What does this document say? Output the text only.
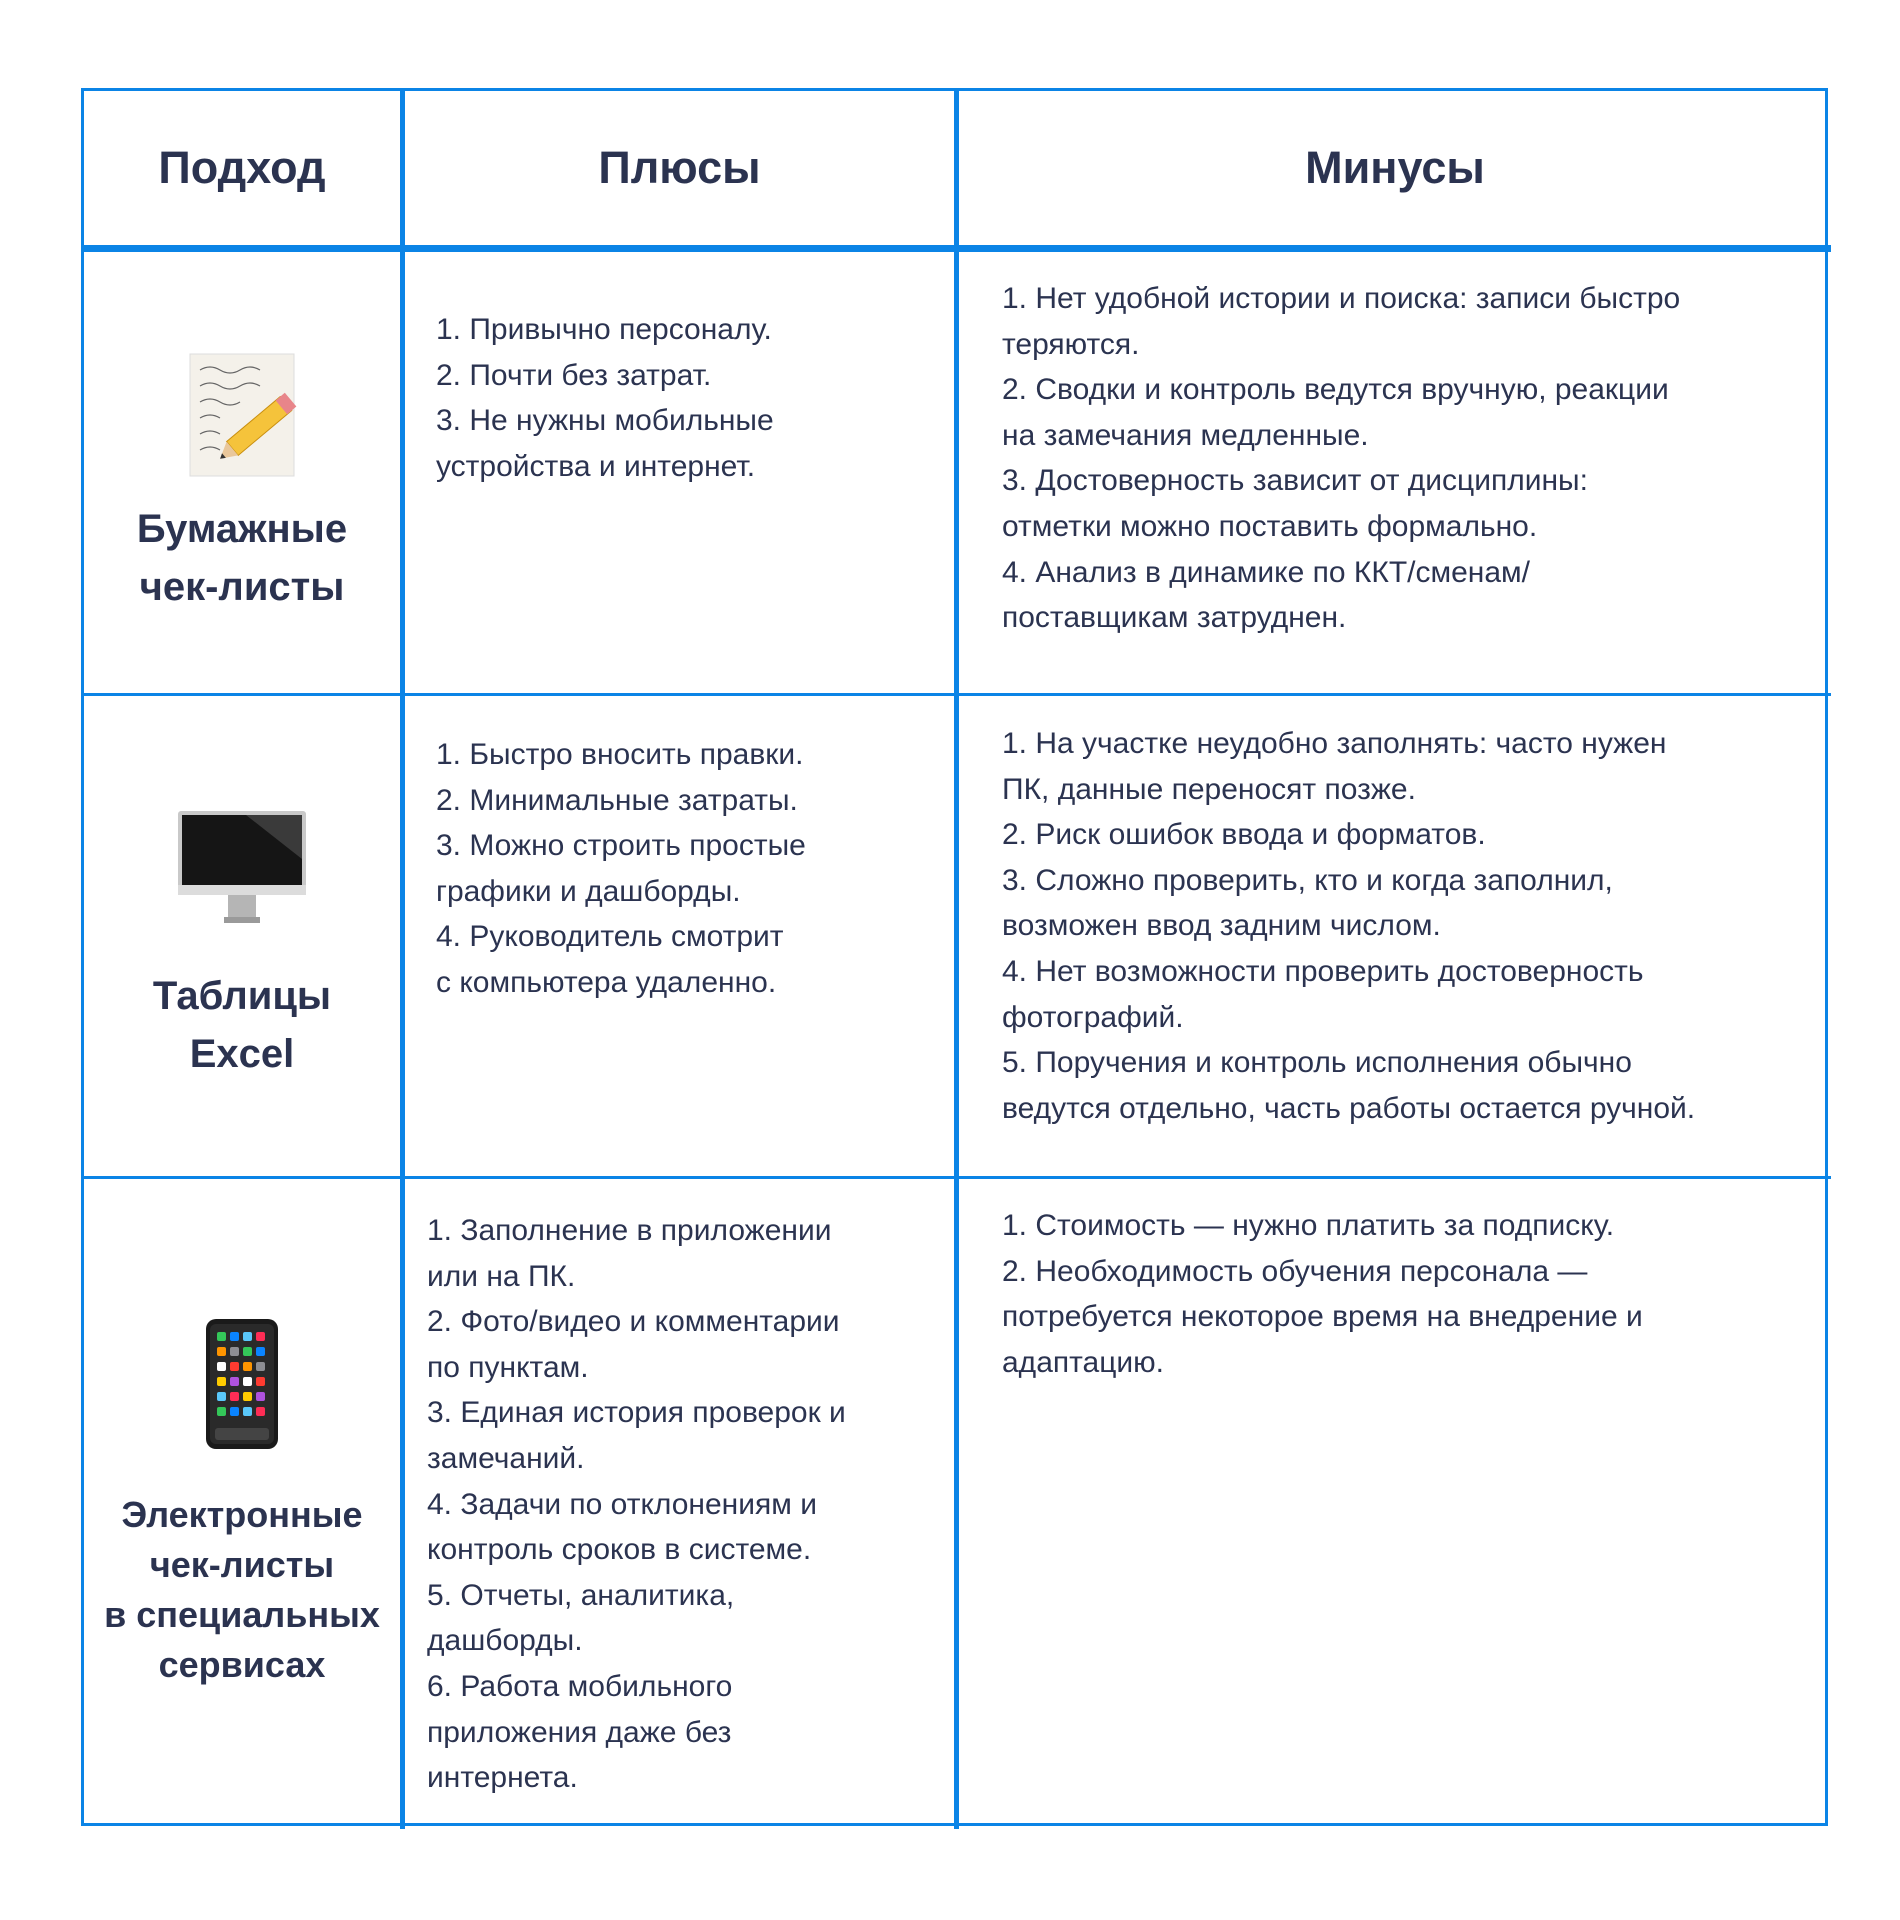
Подход	Плюсы	Минусы
Бумажные
чек-листы
1. Привычно персоналу.
2. Почти без затрат.
3. Не нужны мобильные
устройства и интернет.
1. Нет удобной истории и поиска: записи быстро
теряются.
2. Сводки и контроль ведутся вручную, реакции
на замечания медленные.
3. Достоверность зависит от дисциплины:
отметки можно поставить формально.
4. Анализ в динамике по ККТ/сменам/
поставщикам затруднен.
Таблицы
Excel
1. Быстро вносить правки.
2. Минимальные затраты.
3. Можно строить простые
графики и дашборды.
4. Руководитель смотрит
с компьютера удаленно.
1. На участке неудобно заполнять: часто нужен
ПК, данные переносят позже.
2. Риск ошибок ввода и форматов.
3. Сложно проверить, кто и когда заполнил,
возможен ввод задним числом.
4. Нет возможности проверить достоверность
фотографий.
5. Поручения и контроль исполнения обычно
ведутся отдельно, часть работы остается ручной.
Электронные
чек-листы
в специальных
сервисах
1. Заполнение в приложении
или на ПК.
2. Фото/видео и комментарии
по пунктам.
3. Единая история проверок и
замечаний.
4. Задачи по отклонениям и
контроль сроков в системе.
5. Отчеты, аналитика,
дашборды.
6. Работа мобильного
приложения даже без
интернета.
1. Стоимость — нужно платить за подписку.
2. Необходимость обучения персонала —
потребуется некоторое время на внедрение и
адаптацию.
